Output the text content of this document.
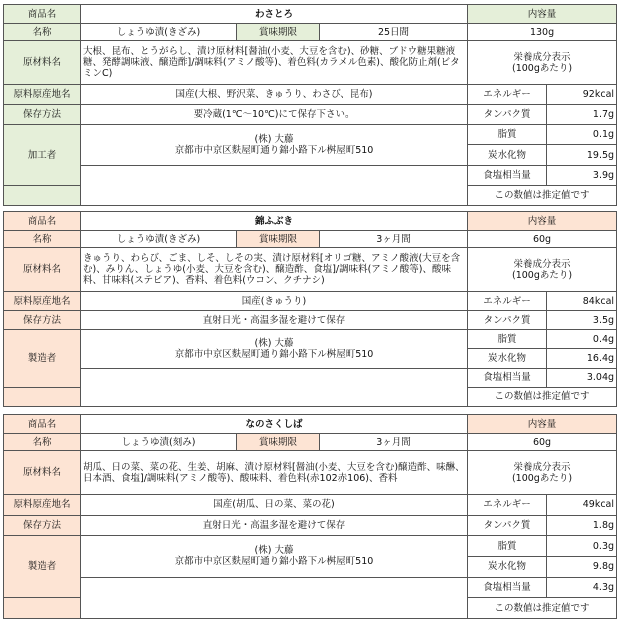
商品名	わさとろ			内容量	
名称	しょうゆ漬(きざみ)	賞味期限	25日間	130g	
原材料名	大根、昆布、とうがらし、漬け原材料[醤油(小麦、大豆を含む)、砂糖、ブドウ糖果糖液糖、発酵調味液、醸造酢]/調味料(アミノ酸等)、着色料(カラメル色素)、酸化防止剤(ビタミンC)			栄養成分表示
(100gあたり)	

原料原産地名	国産(大根、野沢菜、きゅうり、わさび、昆布)			エネルギー	92kcal
保存方法	要冷蔵(1℃～10℃)にて保存下さい。			タンパク質	1.7g
加工者	(株) 大藤
京都市中京区麩屋町通り錦小路下ル桝屋町510			脂質	0.1g
				炭水化物	19.5g
				食塩相当量	3.9g
				この数値は推定値です	
商品名	錦ふぶき			内容量	
名称	しょうゆ漬(きざみ)	賞味期限	3ヶ月間	60g	
原材料名	きゅうり、わらび、ごま、しそ、しその実、漬け原材料[オリゴ糖、アミノ酸液(大豆を含む)、みりん、しょうゆ(小麦、大豆を含む)、醸造酢、食塩]/調味料(アミノ酸等)、酸味料、甘味料(ステビア)、香料、着色料(ウコン、クチナシ)			栄養成分表示
(100gあたり)	

原料原産地名	国産(きゅうり)			エネルギー	84kcal
保存方法	直射日光・高温多湿を避けて保存			タンパク質	3.5g
製造者	(株) 大藤
京都市中京区麩屋町通り錦小路下ル桝屋町510			脂質	0.4g
				炭水化物	16.4g
				食塩相当量	3.04g
				この数値は推定値です	
商品名	なのさくしば			内容量	
名称	しょうゆ漬(刻み)	賞味期限	3ヶ月間	60g	
原材料名	胡瓜、日の菜、菜の花、生姜、胡麻、漬け原材料[醤油(小麦、大豆を含む)醸造酢、味醂、日本酒、食塩]/調味料(アミノ酸等)、酸味料、着色料(赤102赤106)、香料			栄養成分表示
(100gあたり)	

原料原産地名	国産(胡瓜、日の菜、菜の花)			エネルギー	49kcal
保存方法	直射日光・高温多湿を避けて保存			タンパク質	1.8g
製造者	(株) 大藤
京都市中京区麩屋町通り錦小路下ル桝屋町510			脂質	0.3g
				炭水化物	9.8g
				食塩相当量	4.3g
				この数値は推定値です	
